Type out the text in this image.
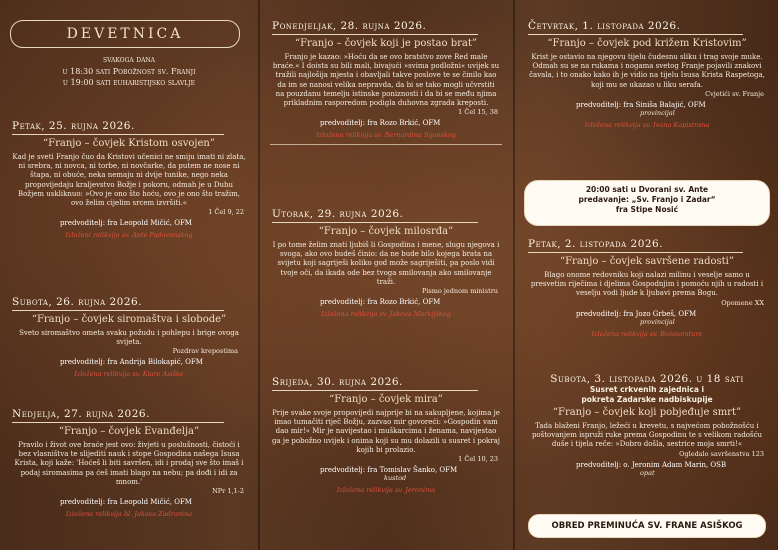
DEVETNICA
svakoga dana
u 18:30 sati Pobožnost sv. Franji
u 19:00 sati euharistijsko slavlje
Petak, 25. rujna 2026.
“Franjo – čovjek Kristom osvojen”
Kad je sveti Franjo čuo da Kristovi učenici ne smiju imati ni zlata, ni srebra, ni novca, ni torbe, ni novčarke, da putem ne nose ni štapa, ni obuće, neka nemaju ni dvije tunike, nego neka propovijedaju kraljevstvo Božje i pokoru, odmah je u Duhu Božjem uskliknuo: »Ovo je ono što hoću, ovo je ono što tražim, ovo želim cijelim srcem izvršiti.«
1 Čel 9, 22
predvoditelj: fra Leopold Mičić, OFM
Izloženi relikvija sv. Ante Padovanskog
Subota, 26. rujna 2026.
“Franjo – čovjek siromaštva i slobode”
Sveto siromaštvo ometa svaku požudu i pohlepu i brige ovoga svijeta.
Pozdrav krepostima
predvoditelj: fra Andrija Bilokapić, OFM
Izložena relikvija sv. Klare Asiške
Nedjelja, 27. rujna 2026.
“Franjo – čovjek Evanđelja”
Pravilo i život ove braće jest ovo: živjeti u poslušnosti, čistoći i bez vlasništva te slijediti nauk i stope Gospodina našega Isusa Krista, koji kaže: 'Hoćeš li biti savršen, idi i prodaj sve što imaš i podaj siromasima pa ćeš imati blago na nebu; pa dođi i idi za mnom.'
NPr 1,1-2
predvoditelj: fra Leopold Mičić, OFM
Izložena relikvija bl. Jakova Zadranina
Ponedjeljak, 28. rujna 2026.
“Franjo – čovjek koji je postao brat”
Franjo je kazao: »Hoću da se ovo bratstvo zove Red male braće.« I doista su bili mali, bivajući »svima podložni« uvijek su tražili najlošija mjesta i obavljali takve poslove te se činilo kao da im se nanosi velika nepravda, da bi se tako mogli učvrstiti na pouzdanu temelju istinske poniznosti i da bi se među njima prikladnim rasporedom podigla duhovna zgrada kreposti.
1 Čel 15, 38
predvoditelj: fra Rozo Brkić, OFM
Izložena relikvija sv. Bernardina Sijenskog
Utorak, 29. rujna 2026.
“Franjo – čovjek milosrđa”
I po tome želim znati ljubiš li Gospodina i mene, slugu njegova i svoga, ako ovo budeš činio: da ne bude bilo kojega brata na svijetu koji sagriješi koliko god može sagriješiti, pa poslo vidi tvoje oči, da ikada ode bez tvoga smilovanja ako smilovanje traži.
Pismo jednom ministru
predvoditelj: fra Rozo Brkić, OFM
Izložena relikvija sv. Jakova Markijskog
Srijeda, 30. rujna 2026.
“Franjo – čovjek mira”
Prije svake svoje propovijedi najprije bi na sakupljene, kojima je imao tumačiti riječ Božju, zazvao mir govoreći: »Gospodin vam dao mir!« Mir je navijestao i muškarcima i ženama, navijestao ga je pobožno uvijek i onima koji su mu dolazili u susret i pokraj kojih bi prolazio.
1 Čel 10, 23
predvoditelj: fra Tomislav Šanko, OFM
kustod
Izložena relikvija sv. Jeronima
Četvrtak, 1. listopada 2026.
“Franjo – čovjek pod križem Kristovim”
Krist je ostavio na njegovu tijelu čudesnu sliku i trag svoje muke. Odmah su se na rukama i nogama svetog Franje pojavili znakovi čavala, i to onako kako ih je vidio na tijelu Isusa Krista Raspetoga, koji mu se ukazao u liku serafa.
Cvjetići sv. Franje
predvoditelj: fra Siniša Balajić, OFM
provincijal
Izložena relikvija sv. Ivana Kapistrana
20:00 sati u Dvorani sv. Ante
predavanje: „Sv. Franjo i Zadar“
fra Stipe Nosić
Petak, 2. listopada 2026.
“Franjo – čovjek savršene radosti”
Blago onome redovniku koji nalazi milinu i veselje samo u presvetim riječima i djelima Gospodnjim i pomoću njih u radosti i veselju vodi ljude k ljubavi prema Bogu.
Opomene XX
predvoditelj: fra Jozo Grbeš, OFM
provincijal
Izložena relikvija sv. Bonaventure
Subota, 3. listopada 2026. u 18 sati
Susret crkvenih zajednica i pokreta Zadarske nadbiskupije
“Franjo – čovjek koji pobjeđuje smrt”
Tada blaženi Franjo, ležeći u krevetu, s najvećom pobožnošću i poštovanjem ispruži ruke prema Gospodinu te s velikom radošću duše i tijela reče: »Dobro došla, sestrice moja smrti!«
Ogledalo savršenstva 123
predvoditelj: o. Jeronim Adam Marin, OSB
opat
OBRED PREMINUĆA SV. FRANE ASIŠKOG
